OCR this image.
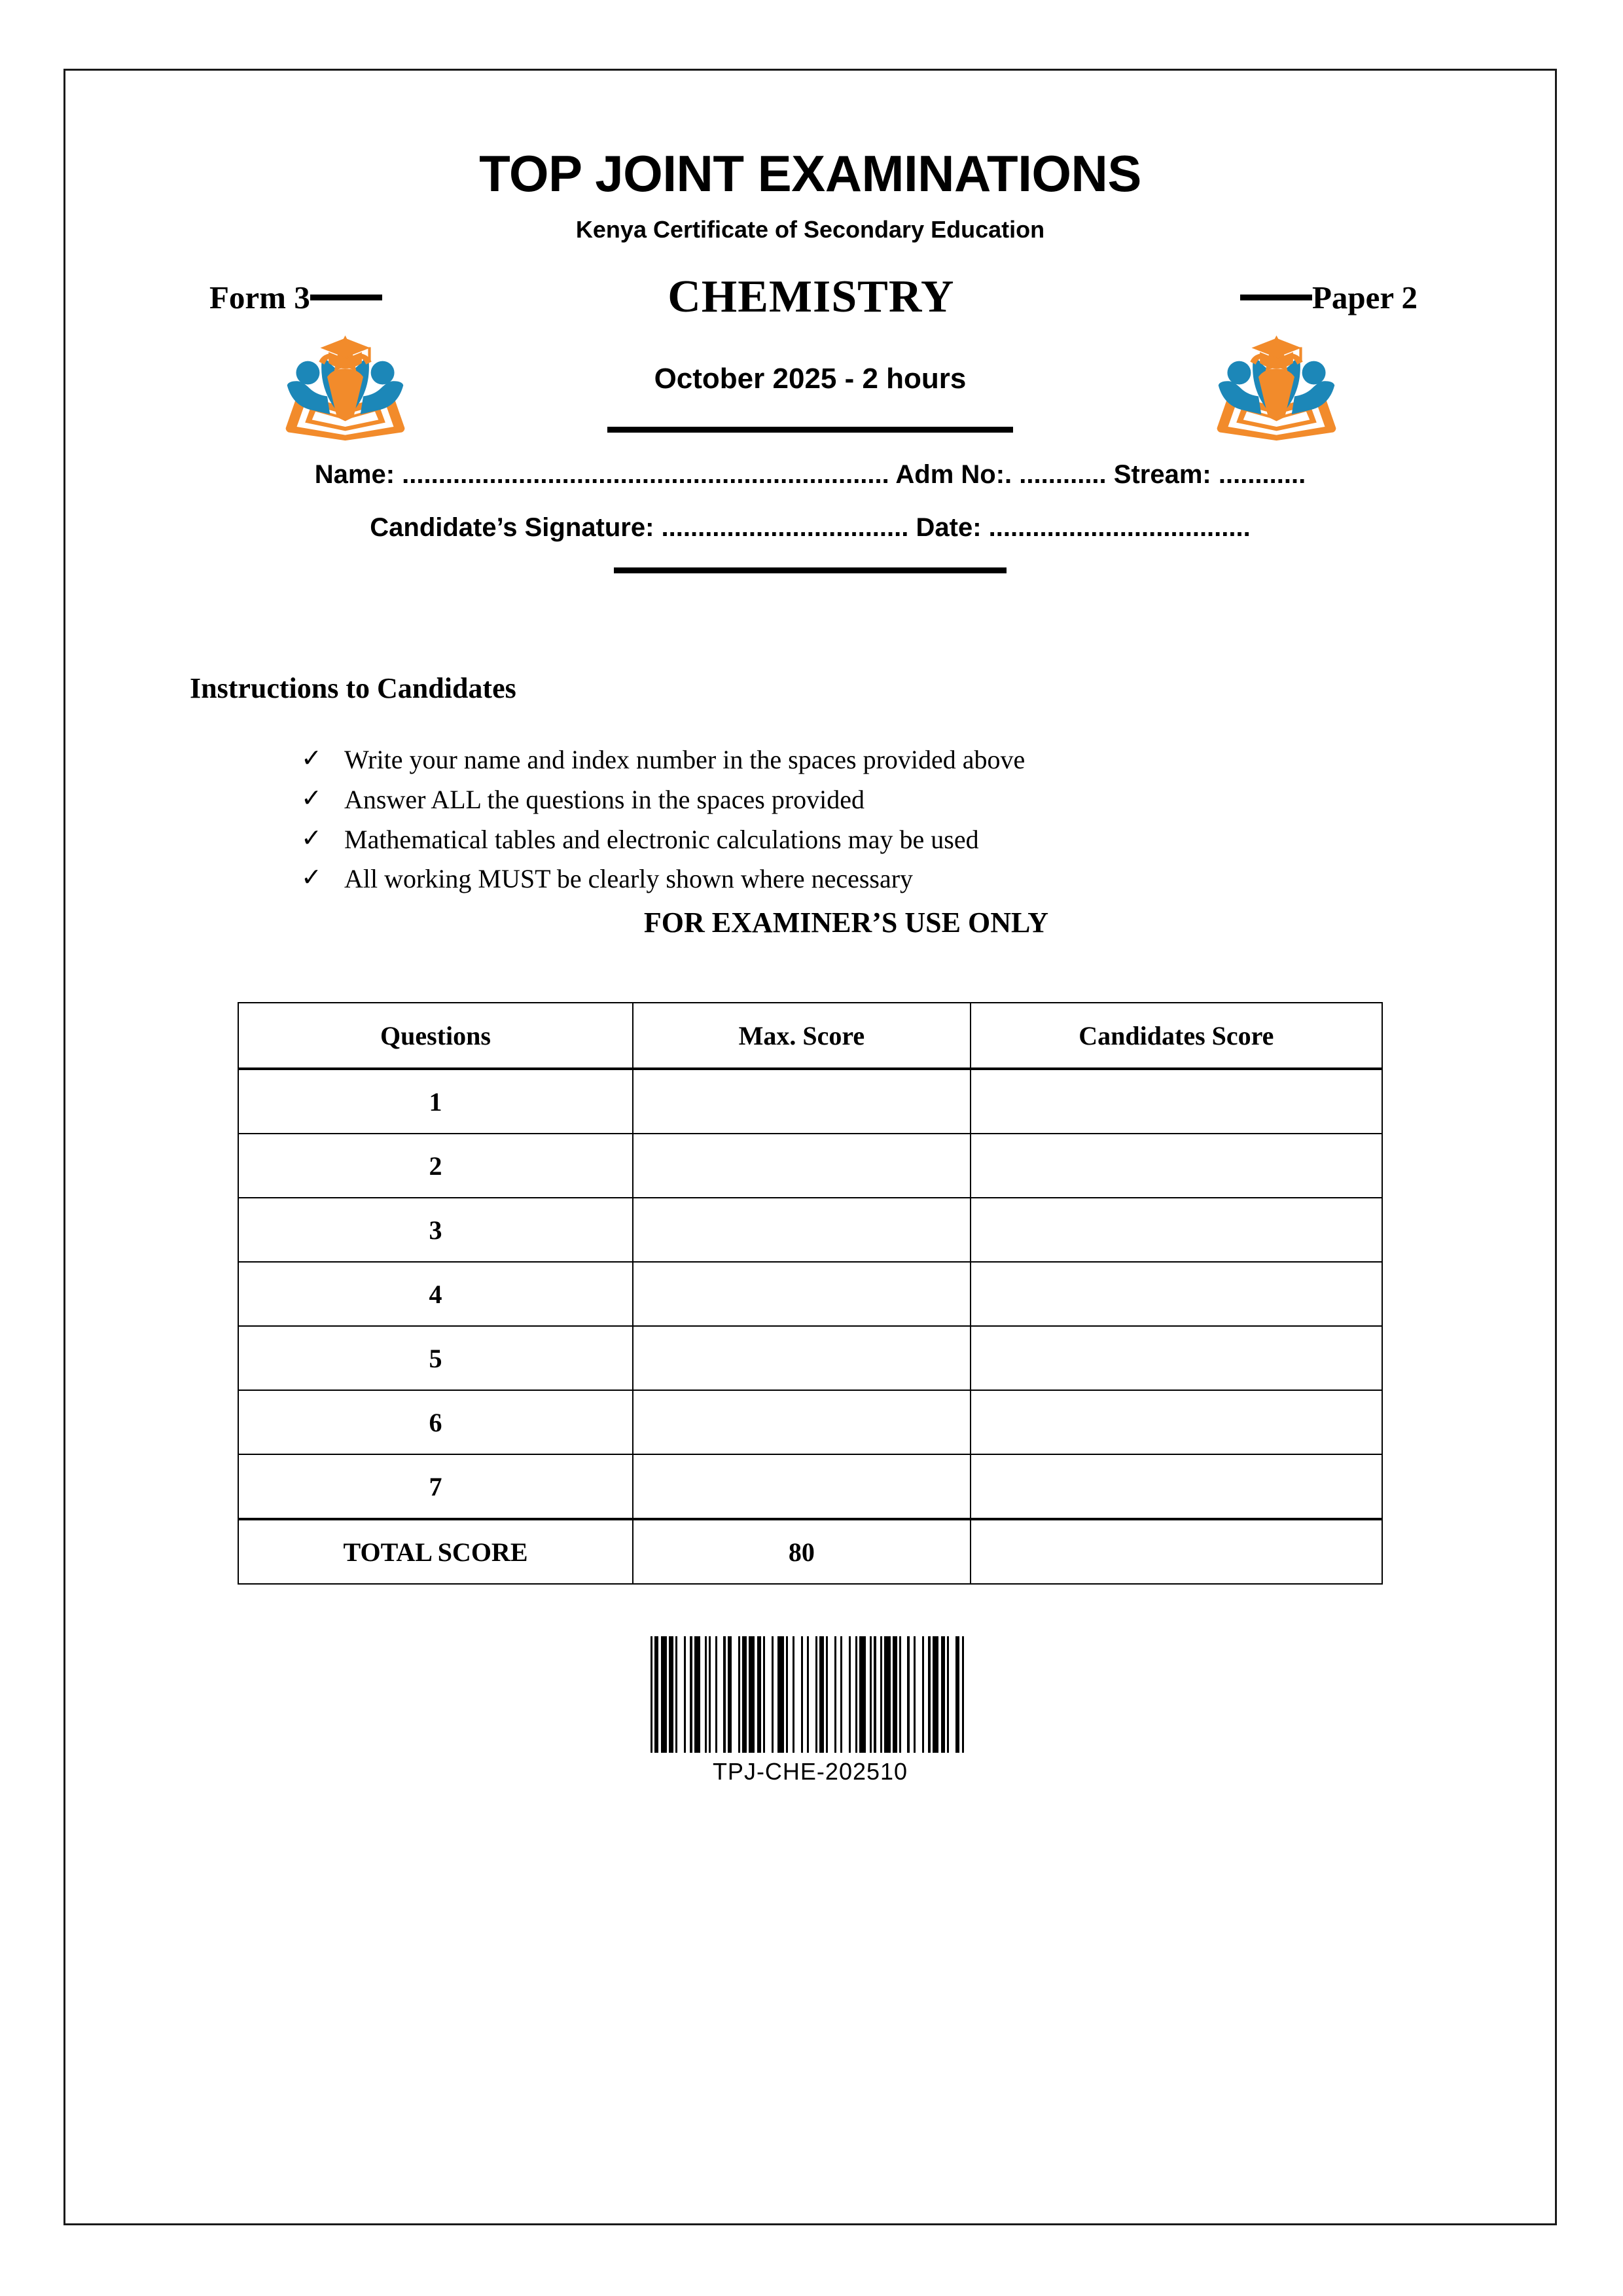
TOP JOINT EXAMINATIONS
Kenya Certificate of Secondary Education
Form 3	CHEMISTRY	Paper 2
October 2025 - 2 hours
Name: ................................................................... Adm No:. ............ Stream: ............
Candidate’s Signature: .................................. Date: ....................................
Instructions to Candidates
✓ Write your name and index number in the spaces provided above
✓ Answer ALL the questions in the spaces provided
✓ Mathematical tables and electronic calculations may be used
✓ All working MUST be clearly shown where necessary
FOR EXAMINER’S USE ONLY
Questions	Max. Score	Candidates Score
1		
2		
3		
4		
5		
6		
7		
TOTAL SCORE	80	
TPJ-CHE-202510
